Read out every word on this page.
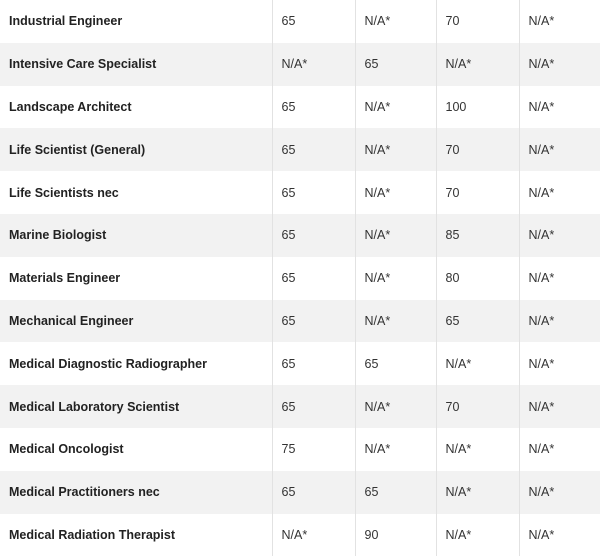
Industrial Engineer	65	N/A*	70	N/A*
Intensive Care Specialist	N/A*	65	N/A*	N/A*
Landscape Architect	65	N/A*	100	N/A*
Life Scientist (General)	65	N/A*	70	N/A*
Life Scientists nec	65	N/A*	70	N/A*
Marine Biologist	65	N/A*	85	N/A*
Materials Engineer	65	N/A*	80	N/A*
Mechanical Engineer	65	N/A*	65	N/A*
Medical Diagnostic Radiographer	65	65	N/A*	N/A*
Medical Laboratory Scientist	65	N/A*	70	N/A*
Medical Oncologist	75	N/A*	N/A*	N/A*
Medical Practitioners nec	65	65	N/A*	N/A*
Medical Radiation Therapist	N/A*	90	N/A*	N/A*
